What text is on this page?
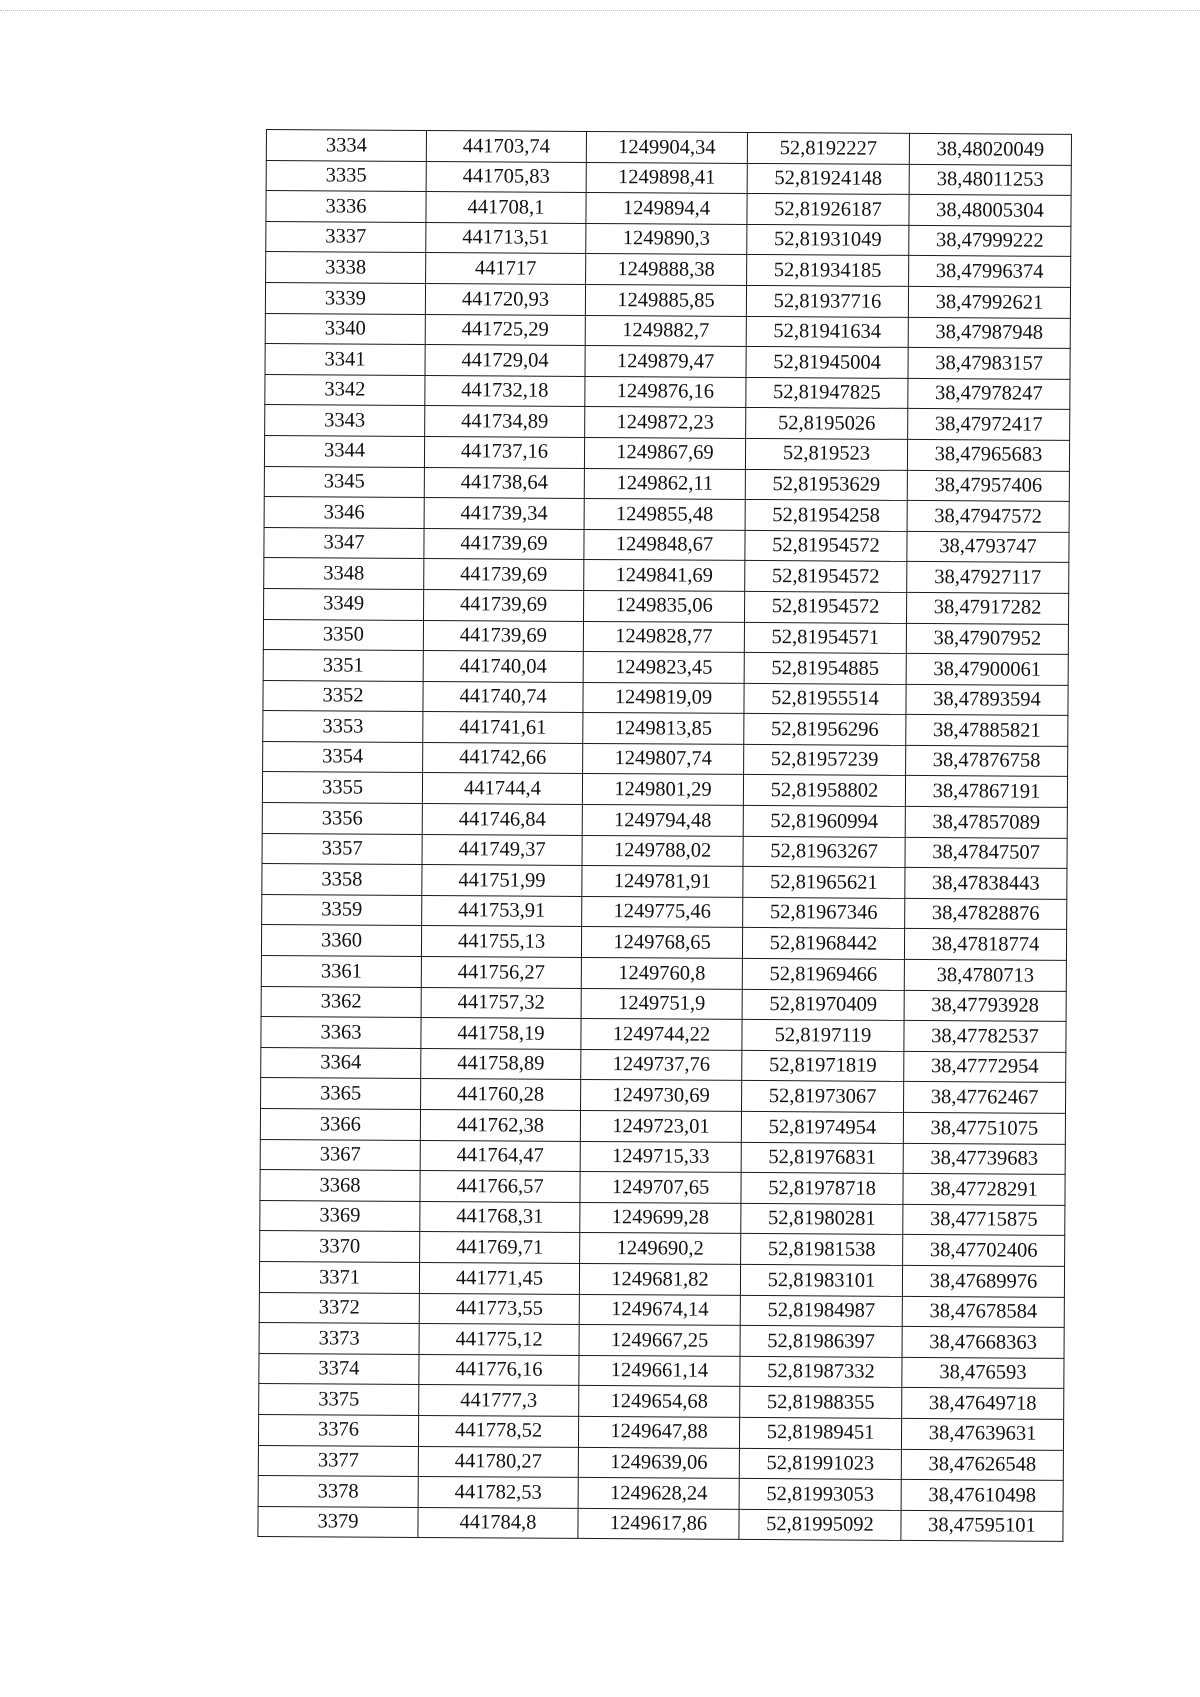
3334	441703,74	1249904,34	52,8192227	38,48020049
3335	441705,83	1249898,41	52,81924148	38,48011253
3336	441708,1	1249894,4	52,81926187	38,48005304
3337	441713,51	1249890,3	52,81931049	38,47999222
3338	441717	1249888,38	52,81934185	38,47996374
3339	441720,93	1249885,85	52,81937716	38,47992621
3340	441725,29	1249882,7	52,81941634	38,47987948
3341	441729,04	1249879,47	52,81945004	38,47983157
3342	441732,18	1249876,16	52,81947825	38,47978247
3343	441734,89	1249872,23	52,8195026	38,47972417
3344	441737,16	1249867,69	52,819523	38,47965683
3345	441738,64	1249862,11	52,81953629	38,47957406
3346	441739,34	1249855,48	52,81954258	38,47947572
3347	441739,69	1249848,67	52,81954572	38,4793747
3348	441739,69	1249841,69	52,81954572	38,47927117
3349	441739,69	1249835,06	52,81954572	38,47917282
3350	441739,69	1249828,77	52,81954571	38,47907952
3351	441740,04	1249823,45	52,81954885	38,47900061
3352	441740,74	1249819,09	52,81955514	38,47893594
3353	441741,61	1249813,85	52,81956296	38,47885821
3354	441742,66	1249807,74	52,81957239	38,47876758
3355	441744,4	1249801,29	52,81958802	38,47867191
3356	441746,84	1249794,48	52,81960994	38,47857089
3357	441749,37	1249788,02	52,81963267	38,47847507
3358	441751,99	1249781,91	52,81965621	38,47838443
3359	441753,91	1249775,46	52,81967346	38,47828876
3360	441755,13	1249768,65	52,81968442	38,47818774
3361	441756,27	1249760,8	52,81969466	38,4780713
3362	441757,32	1249751,9	52,81970409	38,47793928
3363	441758,19	1249744,22	52,8197119	38,47782537
3364	441758,89	1249737,76	52,81971819	38,47772954
3365	441760,28	1249730,69	52,81973067	38,47762467
3366	441762,38	1249723,01	52,81974954	38,47751075
3367	441764,47	1249715,33	52,81976831	38,47739683
3368	441766,57	1249707,65	52,81978718	38,47728291
3369	441768,31	1249699,28	52,81980281	38,47715875
3370	441769,71	1249690,2	52,81981538	38,47702406
3371	441771,45	1249681,82	52,81983101	38,47689976
3372	441773,55	1249674,14	52,81984987	38,47678584
3373	441775,12	1249667,25	52,81986397	38,47668363
3374	441776,16	1249661,14	52,81987332	38,476593
3375	441777,3	1249654,68	52,81988355	38,47649718
3376	441778,52	1249647,88	52,81989451	38,47639631
3377	441780,27	1249639,06	52,81991023	38,47626548
3378	441782,53	1249628,24	52,81993053	38,47610498
3379	441784,8	1249617,86	52,81995092	38,47595101
